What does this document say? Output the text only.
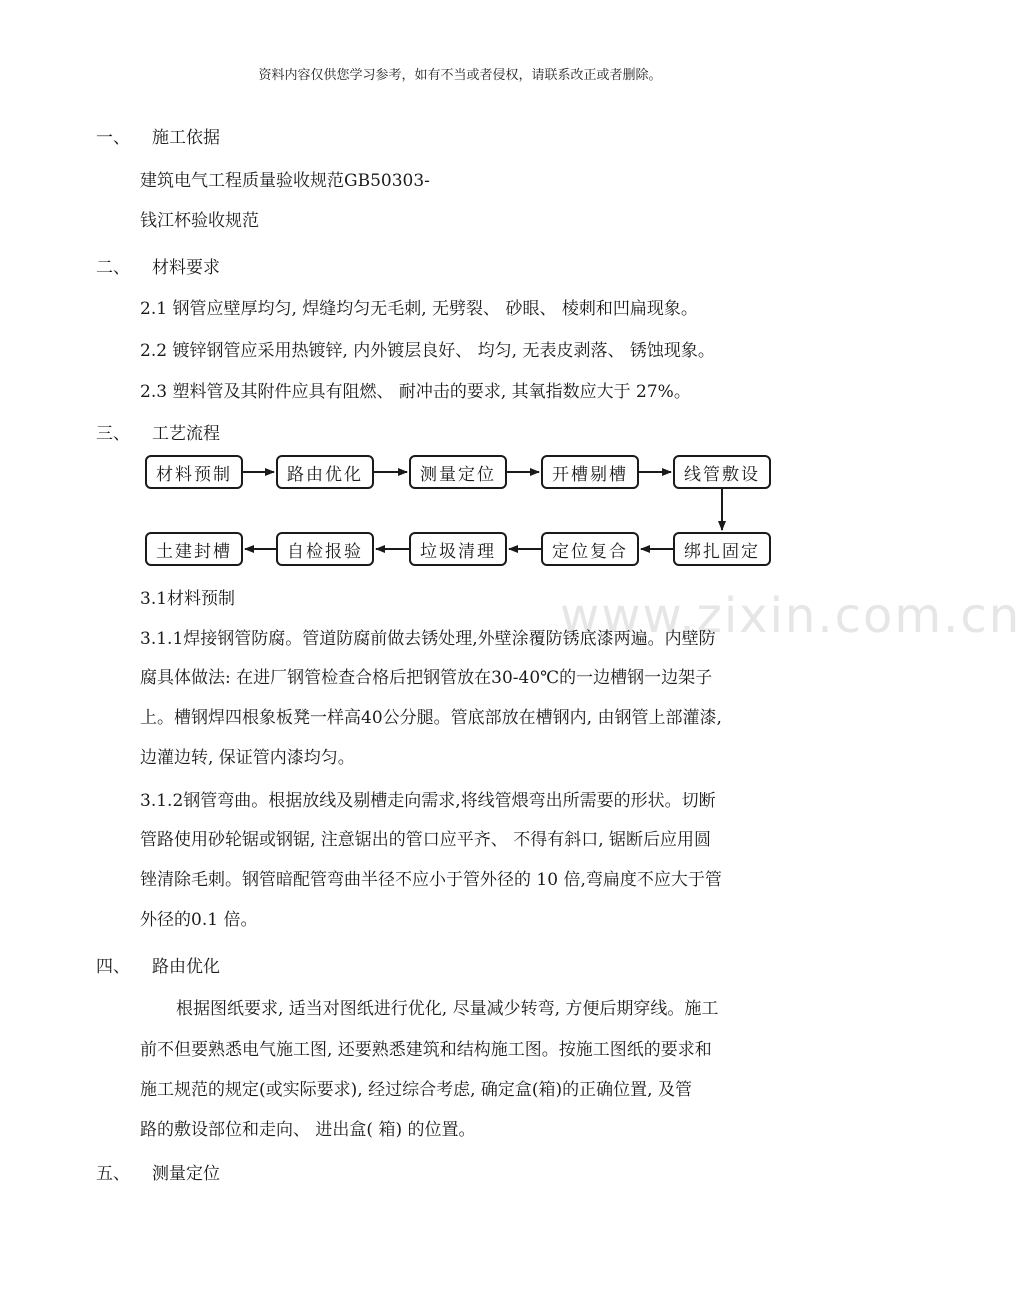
资料内容仅供您学习参考，如有不当或者侵权，请联系改正或者删除。
www.zixin.com.cn
一、 施工依据
建筑电气工程质量验收规范GB50303-
钱江杯验收规范
二、 材料要求
2.1 钢管应壁厚均匀, 焊缝均匀无毛刺, 无劈裂、 砂眼、 棱刺和凹扁现象。
2.2 镀锌钢管应采用热镀锌, 内外镀层良好、 均匀, 无表皮剥落、 锈蚀现象。
2.3 塑料管及其附件应具有阻燃、 耐冲击的要求, 其氧指数应大于 27%。
三、 工艺流程
材料预制	路由优化	测量定位	开槽剔槽	线管敷设
土建封槽	自检报验	垃圾清理	定位复合	绑扎固定
3.1材料预制
3.1.1焊接钢管防腐。管道防腐前做去锈处理,外壁涂覆防锈底漆两遍。内壁防
腐具体做法: 在进厂钢管检查合格后把钢管放在30-40℃的一边槽钢一边架子
上。槽钢焊四根象板凳一样高40公分腿。管底部放在槽钢内, 由钢管上部灌漆,
边灌边转, 保证管内漆均匀。
3.1.2钢管弯曲。根据放线及剔槽走向需求,将线管煨弯出所需要的形状。切断
管路使用砂轮锯或钢锯, 注意锯出的管口应平齐、 不得有斜口, 锯断后应用圆
锉清除毛刺。钢管暗配管弯曲半径不应小于管外径的 10 倍,弯扁度不应大于管
外径的0.1 倍。
四、 路由优化
根据图纸要求, 适当对图纸进行优化, 尽量减少转弯, 方便后期穿线。施工
前不但要熟悉电气施工图, 还要熟悉建筑和结构施工图。按施工图纸的要求和
施工规范的规定(或实际要求), 经过综合考虑, 确定盒(箱)的正确位置, 及管
路的敷设部位和走向、 进出盒( 箱) 的位置。
五、 测量定位
